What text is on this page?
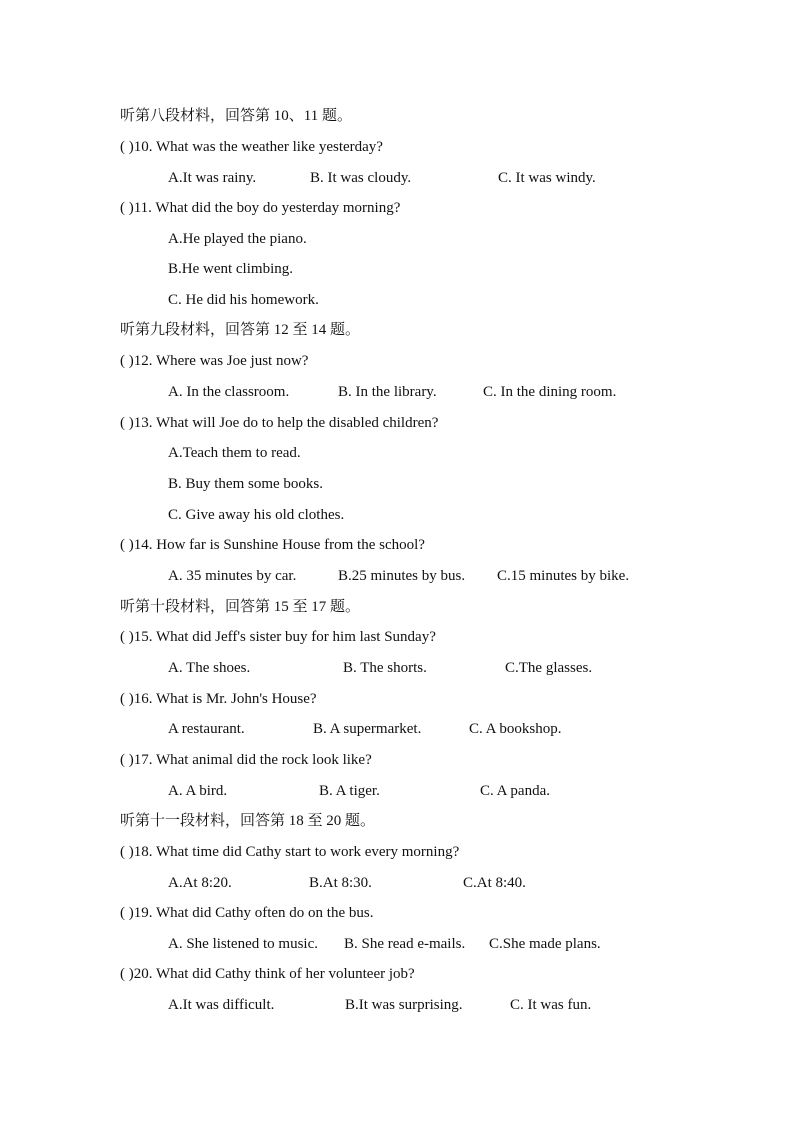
听第八段材料，回答第 10、11 题。
( )10. What was the weather like yesterday?
A.It was rainy.	B. It was cloudy.	C. It was windy.
( )11. What did the boy do yesterday morning?
A.He played the piano.
B.He went climbing.
C. He did his homework.
听第九段材料，回答第 12 至 14 题。
( )12. Where was Joe just now?
A. In the classroom.	B. In the library.	C. In the dining room.
( )13. What will Joe do to help the disabled children?
A.Teach them to read.
B. Buy them some books.
C. Give away his old clothes.
( )14. How far is Sunshine House from the school?
A. 35 minutes by car.	B.25 minutes by bus. C.15 minutes by bike.
听第十段材料，回答第 15 至 17 题。
( )15. What did Jeff's sister buy for him last Sunday?
A. The shoes.	B. The shorts.	C.The glasses.
( )16. What is Mr. John's House?
A restaurant.	B. A supermarket.	C. A bookshop.
( )17. What animal did the rock look like?
A. A bird.	B. A tiger.	C. A panda.
听第十一段材料，回答第 18 至 20 题。
( )18. What time did Cathy start to work every morning?
A.At 8:20.	B.At 8:30.	C.At 8:40.
( )19. What did Cathy often do on the bus.
A. She listened to music. B. She read e-mails. C.She made plans.
( )20. What did Cathy think of her volunteer job?
A.It was difficult.	B.It was surprising.	C. It was fun.
